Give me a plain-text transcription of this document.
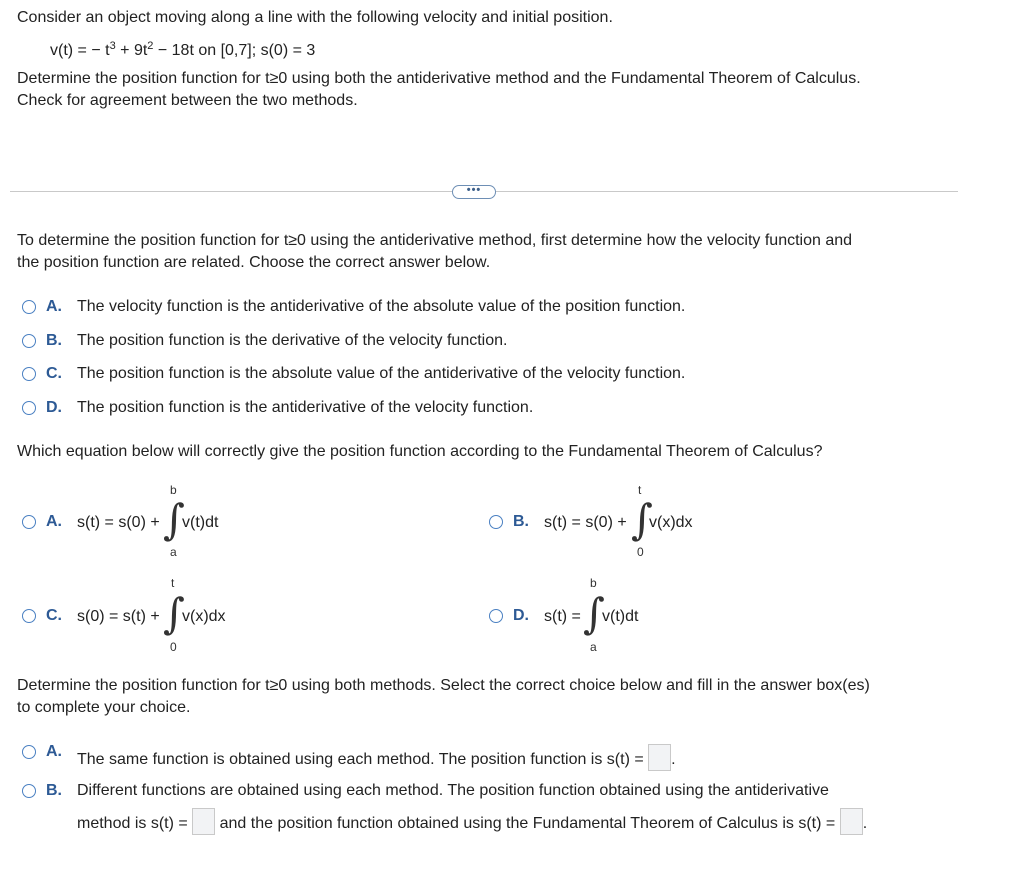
Consider an object moving along a line with the following velocity and initial position.
v(t) = − $t^3 + 9t^2 - 18t$ on [0,7]; s(0) = 3
Determine the position function for t≥0 using both the antiderivative method and the Fundamental Theorem of Calculus.
Check for agreement between the two methods.
•••
To determine the position function for t≥0 using the antiderivative method, first determine how the velocity function and
the position function are related. Choose the correct answer below.
A. The velocity function is the antiderivative of the absolute value of the position function.
B. The position function is the derivative of the velocity function.
C. The position function is the absolute value of the antiderivative of the velocity function.
D. The position function is the antiderivative of the velocity function.
Which equation below will correctly give the position function according to the Fundamental Theorem of Calculus?
A. s(t) = s(0) +
b
∫
a
v(t)dt	B. s(t) = s(0) +
t
∫
0
v(x)dx
C. s(0) = s(t) +
t
∫
0
v(x)dx	D. s(t) =
b
∫
a
v(t)dt
Determine the position function for t≥0 using both methods. Select the correct choice below and fill in the answer box(es)
to complete your choice.
A. The same function is obtained using each method. The position function is s(t) = .
B. Different functions are obtained using each method. The position function obtained using the antiderivative
method is s(t) = and the position function obtained using the Fundamental Theorem of Calculus is s(t) = .
